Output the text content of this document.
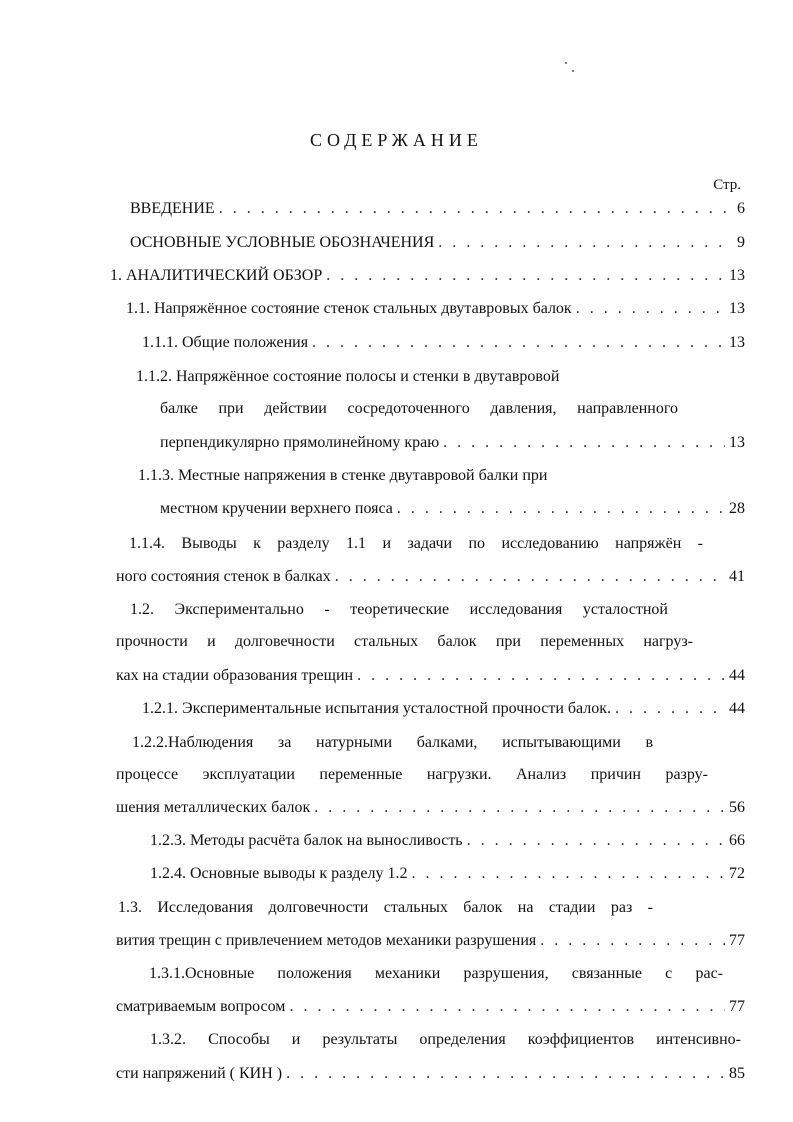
СОДЕРЖАНИЕ
Стр.
ВВЕДЕНИЕ . . .	6
ОСНОВНЫЕ УСЛОВНЫЕ ОБОЗНАЧЕНИЯ . . .	9
1. АНАЛИТИЧЕСКИЙ ОБЗОР . . .	13
1.1. Напряжённое состояние стенок стальных двутавровых балок . . .	13
1.1.1. Общие положения . . .	13
1.1.2. Напряжённое состояние полосы и стенки в двутавровой
балке при действии сосредоточенного давления, направленного
перпендикулярно прямолинейному краю . . .	13
1.1.3. Местные напряжения в стенке двутавровой балки при
местном кручении верхнего пояса . . .	28
1.1.4. Выводы к разделу 1.1 и задачи по исследованию напряжён -
ного состояния стенок в балках . . .	41
1.2. Экспериментально - теоретические исследования усталостной
прочности и долговечности стальных балок при переменных нагруз-
ках на стадии образования трещин . . .	44
1.2.1. Экспериментальные испытания усталостной прочности балок. . . .	44
1.2.2.Наблюдения за натурными балками, испытывающими в
процессе эксплуатации переменные нагрузки. Анализ причин разру-
шения металлических балок . . .	56
1.2.3. Методы расчёта балок на выносливость . . .	66
1.2.4. Основные выводы к разделу 1.2 . . .	72
1.3. Исследования долговечности стальных балок на стадии раз -
вития трещин с привлечением методов механики разрушения . . .	77
1.3.1.Основные положения механики разрушения, связанные с рас-
сматриваемым вопросом . . .	77
1.3.2. Способы и результаты определения коэффициентов интенсивно-
сти напряжений ( КИН ) . . .	85
